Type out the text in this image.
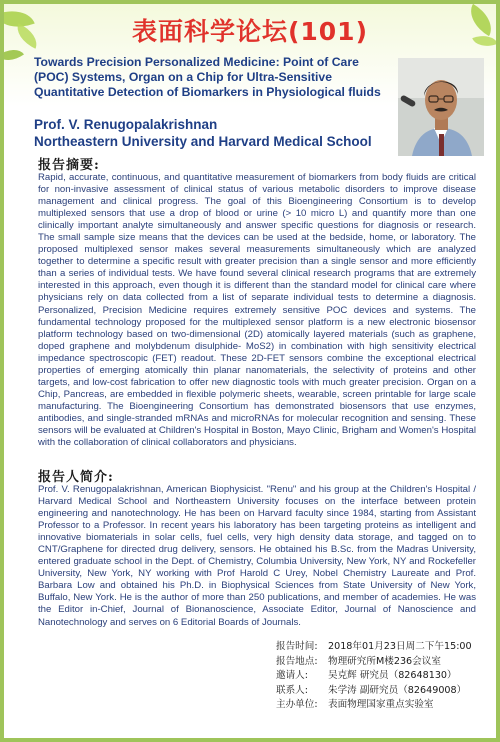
表面科学论坛(101)
Towards Precision Personalized Medicine: Point of Care (POC) Systems, Organ on a Chip for Ultra-Sensitive Quantitative Detection of Biomarkers in Physiological fluids
Prof. V. Renugopalakrishnan
Northeastern University and Harvard Medical School
报告摘要:

Rapid, accurate, continuous, and quantitative measurement of biomarkers from body fluids are critical for non-invasive assessment of clinical status of various metabolic disorders to improve disease management and clinical progress. The goal of this Bioengineering Consortium is to develop multiplexed sensors that use a drop of blood or urine (> 10 micro L) and quantify more than one clinically important analyte simultaneously and answer specific questions for diagnosis or research. The small sample size means that the devices can be used at the bedside, home, or laboratory. The proposed multiplexed sensor makes several measurements simultaneously which are analyzed together to determine a specific result with greater precision than a single sensor and more efficiently than a series of individual tests. We have found several clinical research programs that are extremely interested in this approach, even though it is different than the standard model for clinical care where physicians rely on data collected from a list of separate individual tests to determine a diagnosis. Personalized, Precision Medicine requires extremely sensitive POC devices and systems. The fundamental technology proposed for the multiplexed sensor platform is a new electronic biosensor platform technology based on two-dimensional (2D) atomically layered materials (such as graphene, doped graphene and molybdenum disulphide- MoS2) in combination with high sensitivity electrical impedance spectroscopic (FET) readout. These 2D-FET sensors combine the exceptional electrical properties of emerging atomically thin planar nanomaterials, the selectivity of proteins and other targets, and low-cost fabrication to offer new diagnostic tools with much greater precision. Organ on a Chip, Pancreas, are embedded in flexible polymeric sheets, wearable, screen printable for large scale manufacturing. The Bioengineering Consortium has demonstrated biosensors that use enzymes, antibodies, and single-stranded mRNAs and microRNAs for molecular recognition and sensing. These sensors will be evaluated at Children's Hospital in Boston, Mayo Clinic, Brigham and Women's Hospital with the collaboration of clinical collaborators and physicians.

报告人简介:

Prof. V. Renugopalakrishnan, American Biophysicist. "Renu" and his group at the Children's Hospital / Harvard Medical School and Northeastern University focuses on the interface between protein engineering and nanotechnology. He has been on Harvard faculty since 1984, starting from Assistant Professor to a Professor. In recent years his laboratory has been targeting proteins as intelligent and innovative biomaterials in solar cells, fuel cells, very high density data storage, and tagged on to CNT/Graphene for directed drug delivery, sensors. He obtained his B.Sc. from the Madras University, entered graduate school in the Dept. of Chemistry, Columbia University, New York, NY and Rockefeller University, New York, NY working with Prof Harold C Urey, Nobel Chemistry Laureate and Prof. Barbara Low and obtained his Ph.D. in Biophysical Sciences from State University of New York, Buffalo, New York. He is the author of more than 250 publications, and member of academies. He was the Editor in-Chief, Journal of Bionanoscience, Associate Editor, Journal of Nanoscience and Nanotechnology and serves on 6 Editorial Boards of Journals.

报告时间:	2018年01月23日周二下午15:00
报告地点:	物理研究所M楼236会议室
邀请人:	吴克辉 研究员（82648130）
联系人:	朱学涛 副研究员（82649008）
主办单位:	表面物理国家重点实验室
